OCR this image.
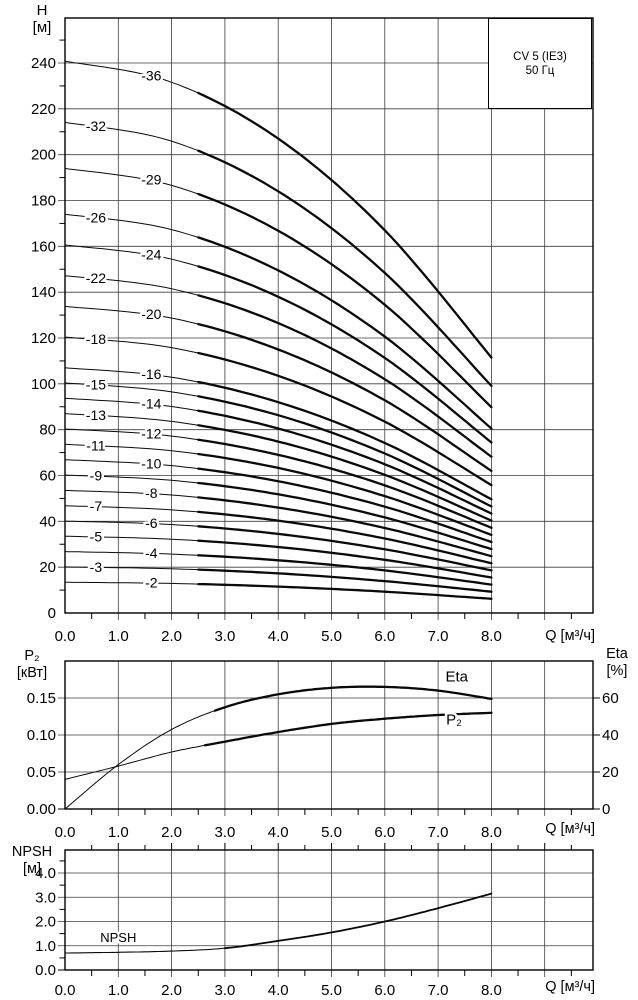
-2
-3
-4
-5
-6
-7
-8
-9
-10
-11
-12
-13
-14
-15
-16
-18
-20
-22
-24
-26
-29
-32
-36
0
20
40
60
80
100
120
140
160
180
200
220
240
0.0 1.0 2.0 3.0 4.0 5.0 6.0 7.0 8.0
P₂
Eta
0.00
0.05
0.10
0.15
0
20
40
60
0.0 1.0 2.0 3.0 4.0 5.0 6.0 7.0 8.0
NPSH
0.0
1.0
2.0
3.0
4.0
0.0 1.0 2.0 3.0 4.0 5.0 6.0 7.0 8.0
H
[м]
Q [м³/ч]
P₂
[кВт]
Eta
[%]
Q [м³/ч]
NPSH
[м]
Q [м³/ч]
CV 5 (IE3)
50 Гц
